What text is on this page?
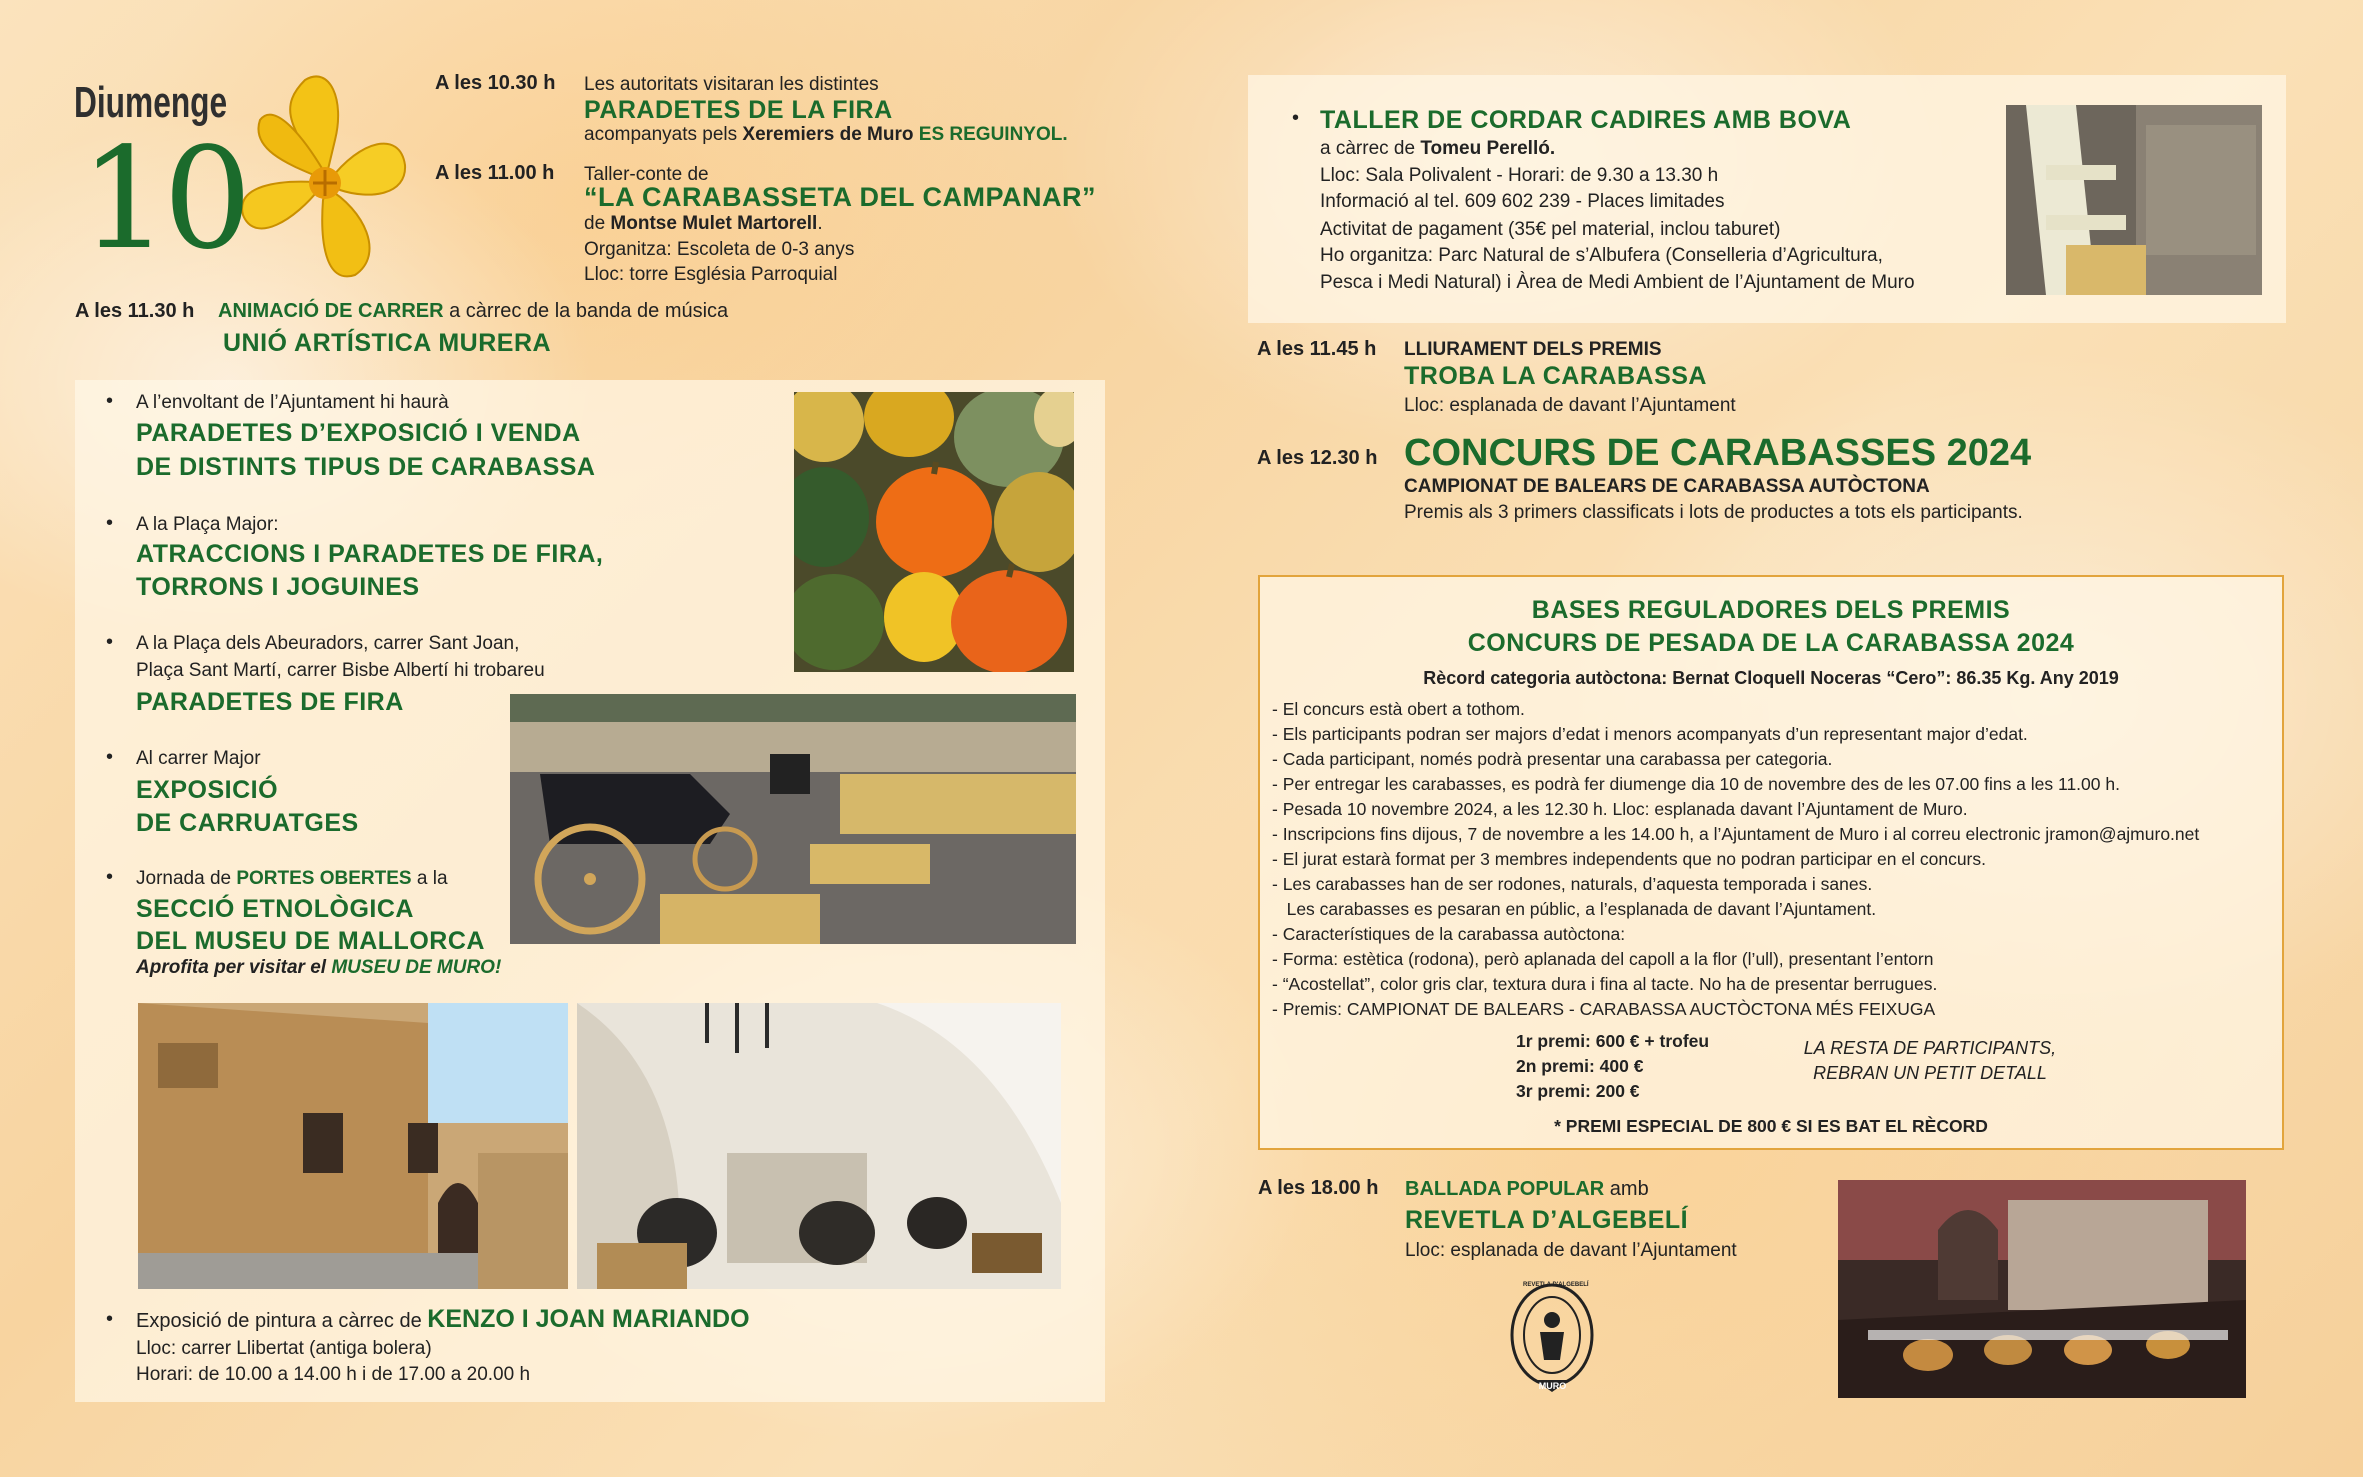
Diumenge
10
A les 10.30 h Les autoritats visitaran les distintes
PARADETES DE LA FIRA
acompanyats pels Xeremiers de Muro ES REGUINYOL.
A les 11.00 h Taller-conte de
“LA CARABASSETA DEL CAMPANAR”
de Montse Mulet Martorell.
Organitza: Escoleta de 0-3 anys
Lloc: torre Església Parroquial
A les 11.30 h ANIMACIÓ DE CARRER a càrrec de la banda de música
UNIÓ ARTÍSTICA MURERA
• A l’envoltant de l’Ajuntament hi haurà
PARADETES D’EXPOSICIÓ I VENDA
DE DISTINTS TIPUS DE CARABASSA
• A la Plaça Major:
ATRACCIONS I PARADETES DE FIRA,
TORRONS I JOGUINES
• A la Plaça dels Abeuradors, carrer Sant Joan,
Plaça Sant Martí, carrer Bisbe Albertí hi trobareu
PARADETES DE FIRA
• Al carrer Major
EXPOSICIÓ
DE CARRUATGES
• Jornada de PORTES OBERTES a la
SECCIÓ ETNOLÒGICA
DEL MUSEU DE MALLORCA
Aprofita per visitar el MUSEU DE MURO!
• Exposició de pintura a càrrec de KENZO I JOAN MARIANDO
Lloc: carrer Llibertat (antiga bolera)
Horari: de 10.00 a 14.00 h i de 17.00 a 20.00 h
• TALLER DE CORDAR CADIRES AMB BOVA
a càrrec de Tomeu Perelló.
Lloc: Sala Polivalent - Horari: de 9.30 a 13.30 h
Informació al tel. 609 602 239 - Places limitades
Activitat de pagament (35€ pel material, inclou taburet)
Ho organitza: Parc Natural de s’Albufera (Conselleria d’Agricultura,
Pesca i Medi Natural) i Àrea de Medi Ambient de l’Ajuntament de Muro
A les 11.45 h LLIURAMENT DELS PREMIS
TROBA LA CARABASSA
Lloc: esplanada de davant l’Ajuntament
A les 12.30 h CONCURS DE CARABASSES 2024
CAMPIONAT DE BALEARS DE CARABASSA AUTÒCTONA
Premis als 3 primers classificats i lots de productes a tots els participants.
BASES REGULADORES DELS PREMIS
CONCURS DE PESADA DE LA CARABASSA 2024
Rècord categoria autòctona: Bernat Cloquell Noceras “Cero”: 86.35 Kg. Any 2019
- El concurs està obert a tothom.
- Els participants podran ser majors d’edat i menors acompanyats d’un representant major d’edat.
- Cada participant, només podrà presentar una carabassa per categoria.
- Per entregar les carabasses, es podrà fer diumenge dia 10 de novembre des de les 07.00 fins a les 11.00 h.
- Pesada 10 novembre 2024, a les 12.30 h. Lloc: esplanada davant l’Ajuntament de Muro.
- Inscripcions fins dijous, 7 de novembre a les 14.00 h, a l’Ajuntament de Muro i al correu electronic jramon@ajmuro.net
- El jurat estarà format per 3 membres independents que no podran participar en el concurs.
- Les carabasses han de ser rodones, naturals, d’aquesta temporada i sanes.
Les carabasses es pesaran en públic, a l’esplanada de davant l’Ajuntament.
- Característiques de la carabassa autòctona:
- Forma: estètica (rodona), però aplanada del capoll a la flor (l’ull), presentant l’entorn
- “Acostellat”, color gris clar, textura dura i fina al tacte. No ha de presentar berrugues.
- Premis: CAMPIONAT DE BALEARS - CARABASSA AUCTÒCTONA MÉS FEIXUGA
1r premi: 600 € + trofeu
2n premi: 400 €
3r premi: 200 €
LA RESTA DE PARTICIPANTS,
REBRAN UN PETIT DETALL
* PREMI ESPECIAL DE 800 € SI ES BAT EL RÈCORD
A les 18.00 h BALLADA POPULAR amb
REVETLA D’ALGEBELÍ
Lloc: esplanada de davant l’Ajuntament
REVETLA D'ALGEBELÍ
MURO
